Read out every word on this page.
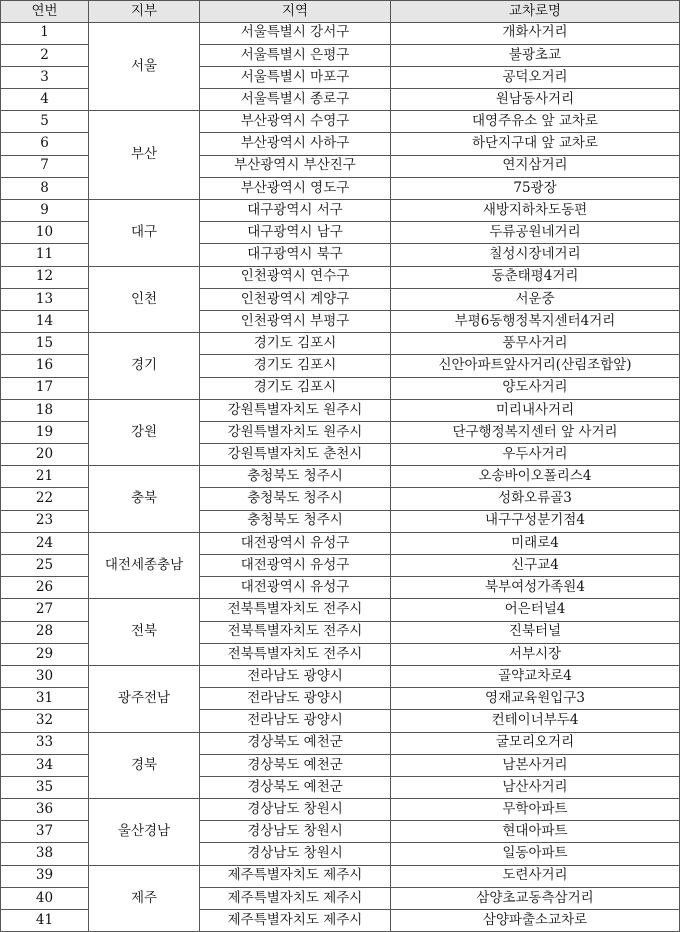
연번	지부	지역	교차로명
1	서울	서울특별시 강서구	개화사거리
2		서울특별시 은평구	불광초교
3		서울특별시 마포구	공덕오거리
4		서울특별시 종로구	원남동사거리
5	부산	부산광역시 수영구	대영주유소 앞 교차로
6		부산광역시 사하구	하단지구대 앞 교차로
7		부산광역시 부산진구	연지삼거리
8		부산광역시 영도구	75광장
9	대구	대구광역시 서구	새방지하차도동편
10		대구광역시 남구	두류공원네거리
11		대구광역시 북구	칠성시장네거리
12	인천	인천광역시 연수구	동춘태평4거리
13		인천광역시 계양구	서운중
14		인천광역시 부평구	부평6동행정복지센터4거리
15	경기	경기도 김포시	풍무사거리
16		경기도 김포시	신안아파트앞사거리(산림조합앞)
17		경기도 김포시	양도사거리
18	강원	강원특별자치도 원주시	미리내사거리
19		강원특별자치도 원주시	단구행정복지센터 앞 사거리
20		강원특별자치도 춘천시	우두사거리
21	충북	충청북도 청주시	오송바이오폴리스4
22		충청북도 청주시	성화오류골3
23		충청북도 청주시	내구구성분기점4
24	대전세종충남	대전광역시 유성구	미래로4
25		대전광역시 유성구	신구교4
26		대전광역시 유성구	북부여성가족원4
27	전북	전북특별자치도 전주시	어은터널4
28		전북특별자치도 전주시	진북터널
29		전북특별자치도 전주시	서부시장
30	광주전남	전라남도 광양시	골약교차로4
31		전라남도 광양시	영재교육원입구3
32		전라남도 광양시	컨테이너부두4
33	경북	경상북도 예천군	굴모리오거리
34		경상북도 예천군	남본사거리
35		경상북도 예천군	남산사거리
36	울산경남	경상남도 창원시	무학아파트
37		경상남도 창원시	현대아파트
38		경상남도 창원시	일동아파트
39	제주	제주특별자치도 제주시	도련사거리
40		제주특별자치도 제주시	삼양초교동측삼거리
41		제주특별자치도 제주시	삼양파출소교차로
